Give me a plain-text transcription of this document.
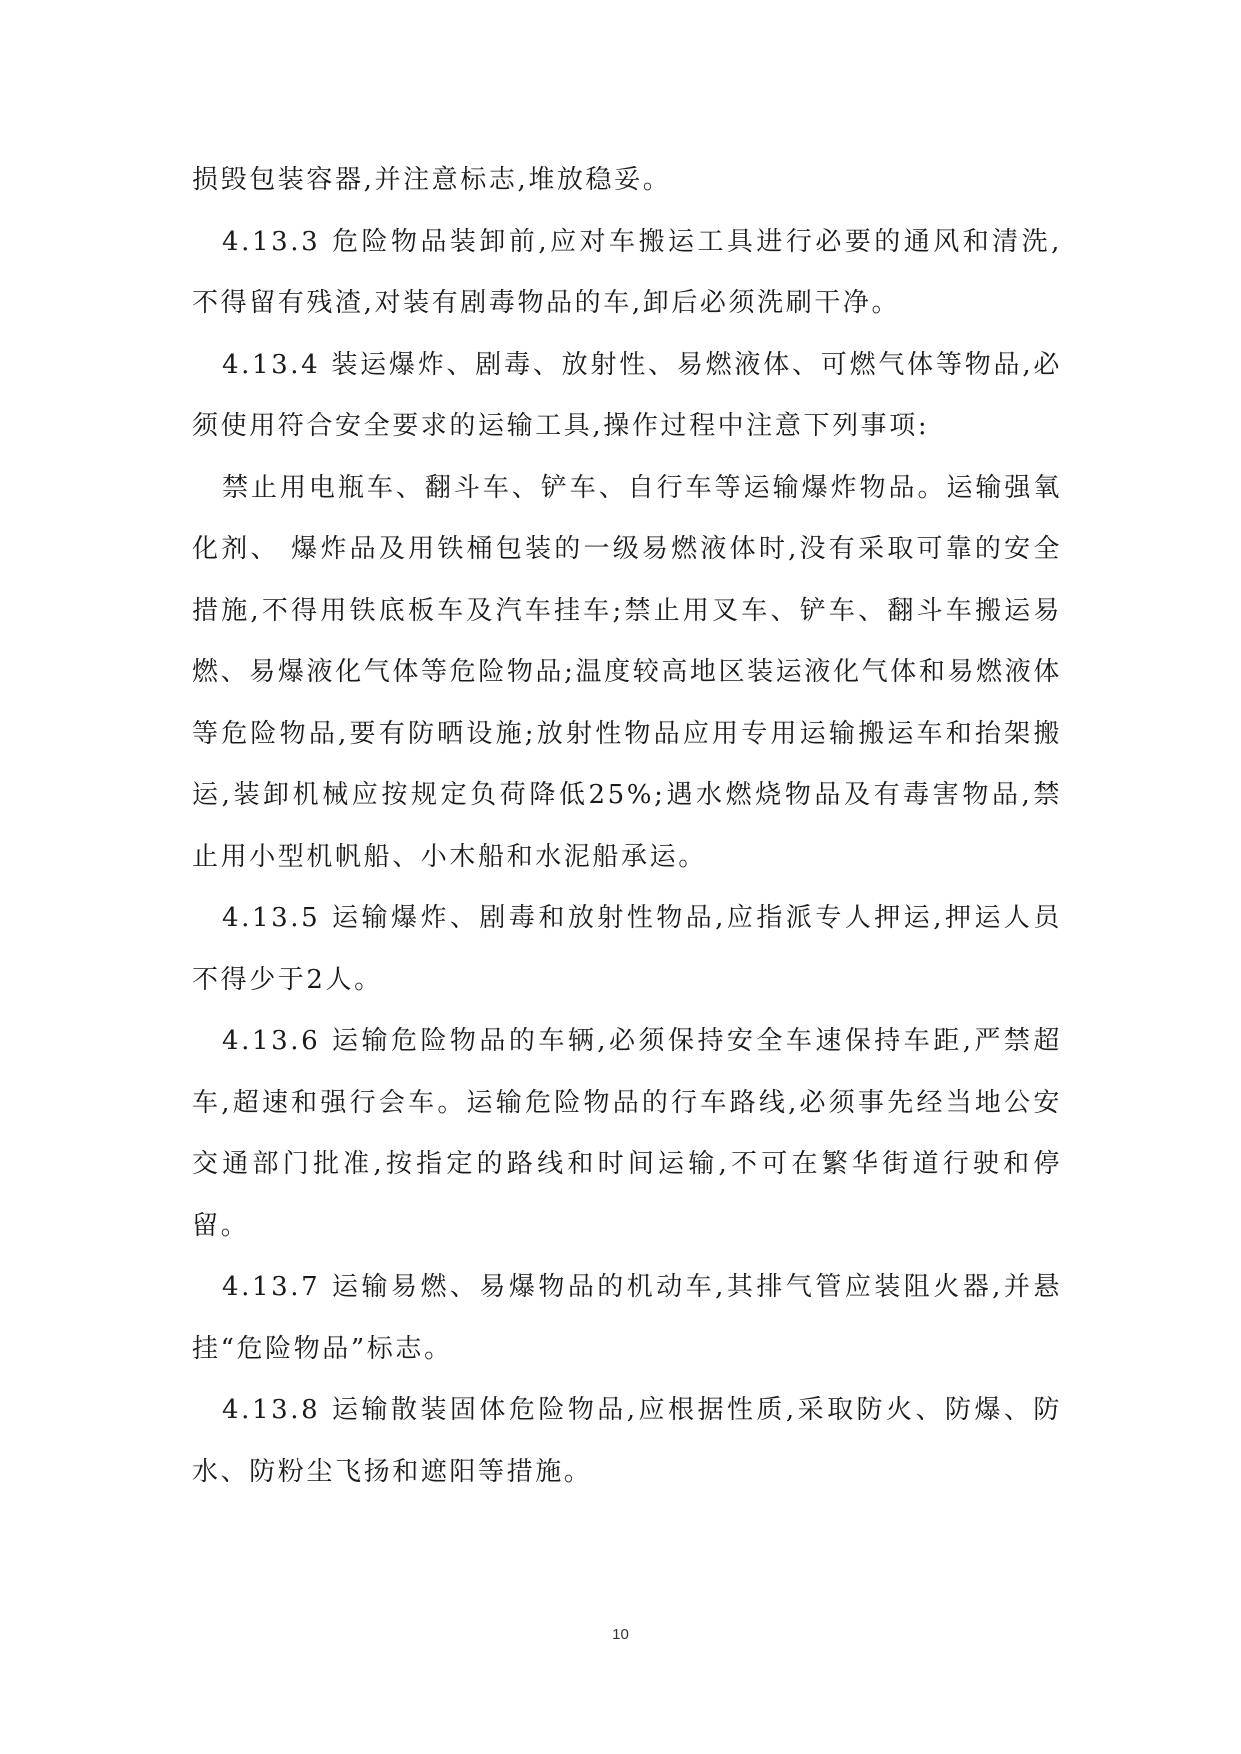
损毁包装容器,并注意标志,堆放稳妥。

4.13.3 危险物品装卸前,应对车搬运工具进行必要的通风和清洗,不得留有残渣,对装有剧毒物品的车,卸后必须洗刷干净。

4.13.4 装运爆炸、剧毒、放射性、易燃液体、可燃气体等物品,必须使用符合安全要求的运输工具,操作过程中注意下列事项:

禁止用电瓶车、翻斗车、铲车、自行车等运输爆炸物品。运输强氧化剂、 爆炸品及用铁桶包装的一级易燃液体时,没有采取可靠的安全措施,不得用铁底板车及汽车挂车;禁止用叉车、铲车、翻斗车搬运易燃、易爆液化气体等危险物品;温度较高地区装运液化气体和易燃液体等危险物品,要有防晒设施;放射性物品应用专用运输搬运车和抬架搬运,装卸机械应按规定负荷降低25%;遇水燃烧物品及有毒害物品,禁止用小型机帆船、小木船和水泥船承运。

4.13.5 运输爆炸、剧毒和放射性物品,应指派专人押运,押运人员不得少于2人。

4.13.6 运输危险物品的车辆,必须保持安全车速保持车距,严禁超车,超速和强行会车。运输危险物品的行车路线,必须事先经当地公安交通部门批准,按指定的路线和时间运输,不可在繁华街道行驶和停留。

4.13.7 运输易燃、易爆物品的机动车,其排气管应装阻火器,并悬挂“危险物品”标志。

4.13.8 运输散装固体危险物品,应根据性质,采取防火、防爆、防水、防粉尘飞扬和遮阳等措施。

10
